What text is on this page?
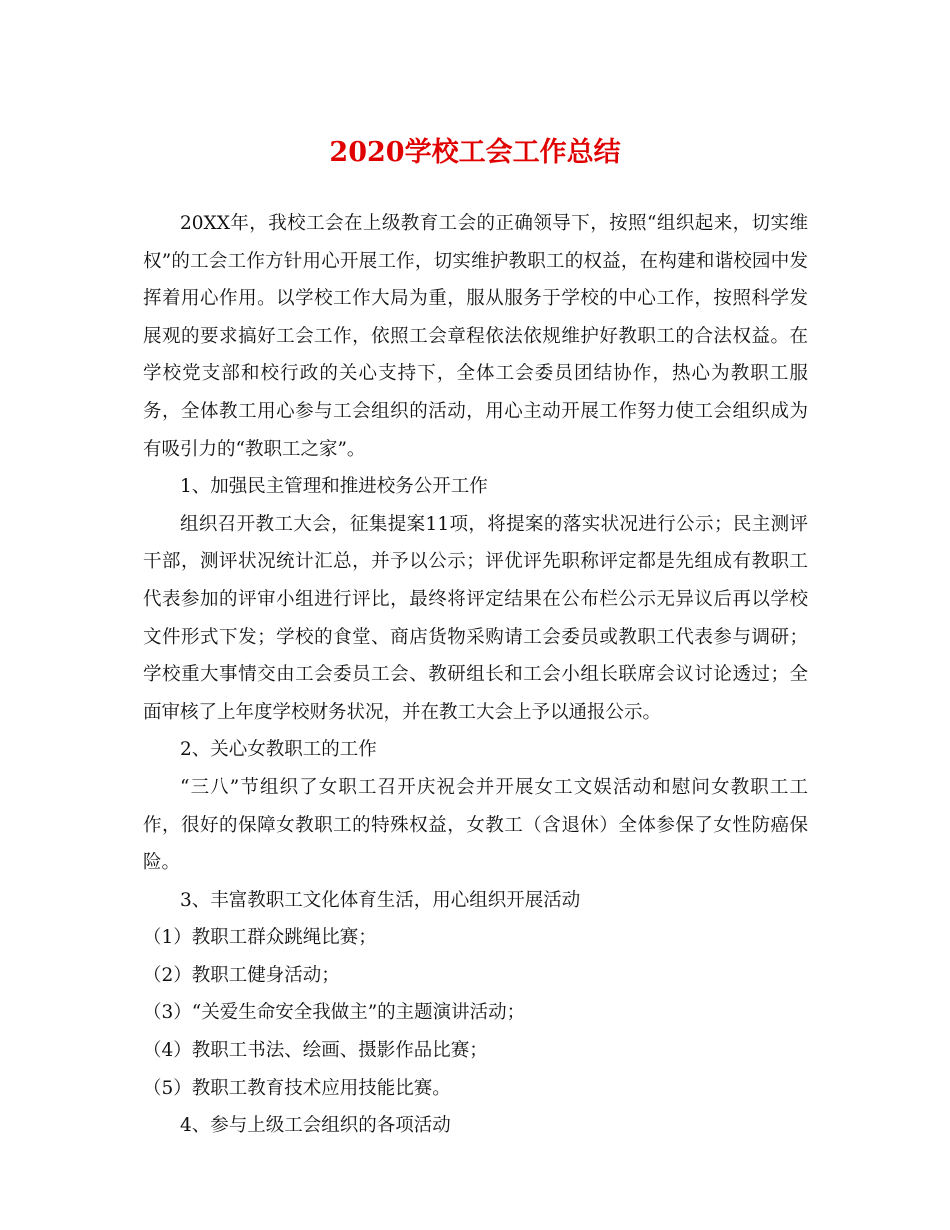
2020学校工会工作总结

20XX年，我校工会在上级教育工会的正确领导下，按照“组织起来，切实维权”的工会工作方针用心开展工作，切实维护教职工的权益，在构建和谐校园中发挥着用心作用。以学校工作大局为重，服从服务于学校的中心工作，按照科学发展观的要求搞好工会工作，依照工会章程依法依规维护好教职工的合法权益。在学校党支部和校行政的关心支持下，全体工会委员团结协作，热心为教职工服务，全体教工用心参与工会组织的活动，用心主动开展工作努力使工会组织成为有吸引力的“教职工之家”。

1、加强民主管理和推进校务公开工作

组织召开教工大会，征集提案11项，将提案的落实状况进行公示；民主测评干部，测评状况统计汇总，并予以公示；评优评先职称评定都是先组成有教职工代表参加的评审小组进行评比，最终将评定结果在公布栏公示无异议后再以学校文件形式下发；学校的食堂、商店货物采购请工会委员或教职工代表参与调研；学校重大事情交由工会委员工会、教研组长和工会小组长联席会议讨论透过；全面审核了上年度学校财务状况，并在教工大会上予以通报公示。

2、关心女教职工的工作

“三八”节组织了女职工召开庆祝会并开展女工文娱活动和慰问女教职工工作，很好的保障女教职工的特殊权益，女教工（含退休）全体参保了女性防癌保险。

3、丰富教职工文化体育生活，用心组织开展活动

（1）教职工群众跳绳比赛；

（2）教职工健身活动；

（3）“关爱生命安全我做主”的主题演讲活动；

（4）教职工书法、绘画、摄影作品比赛；

（5）教职工教育技术应用技能比赛。

4、参与上级工会组织的各项活动
